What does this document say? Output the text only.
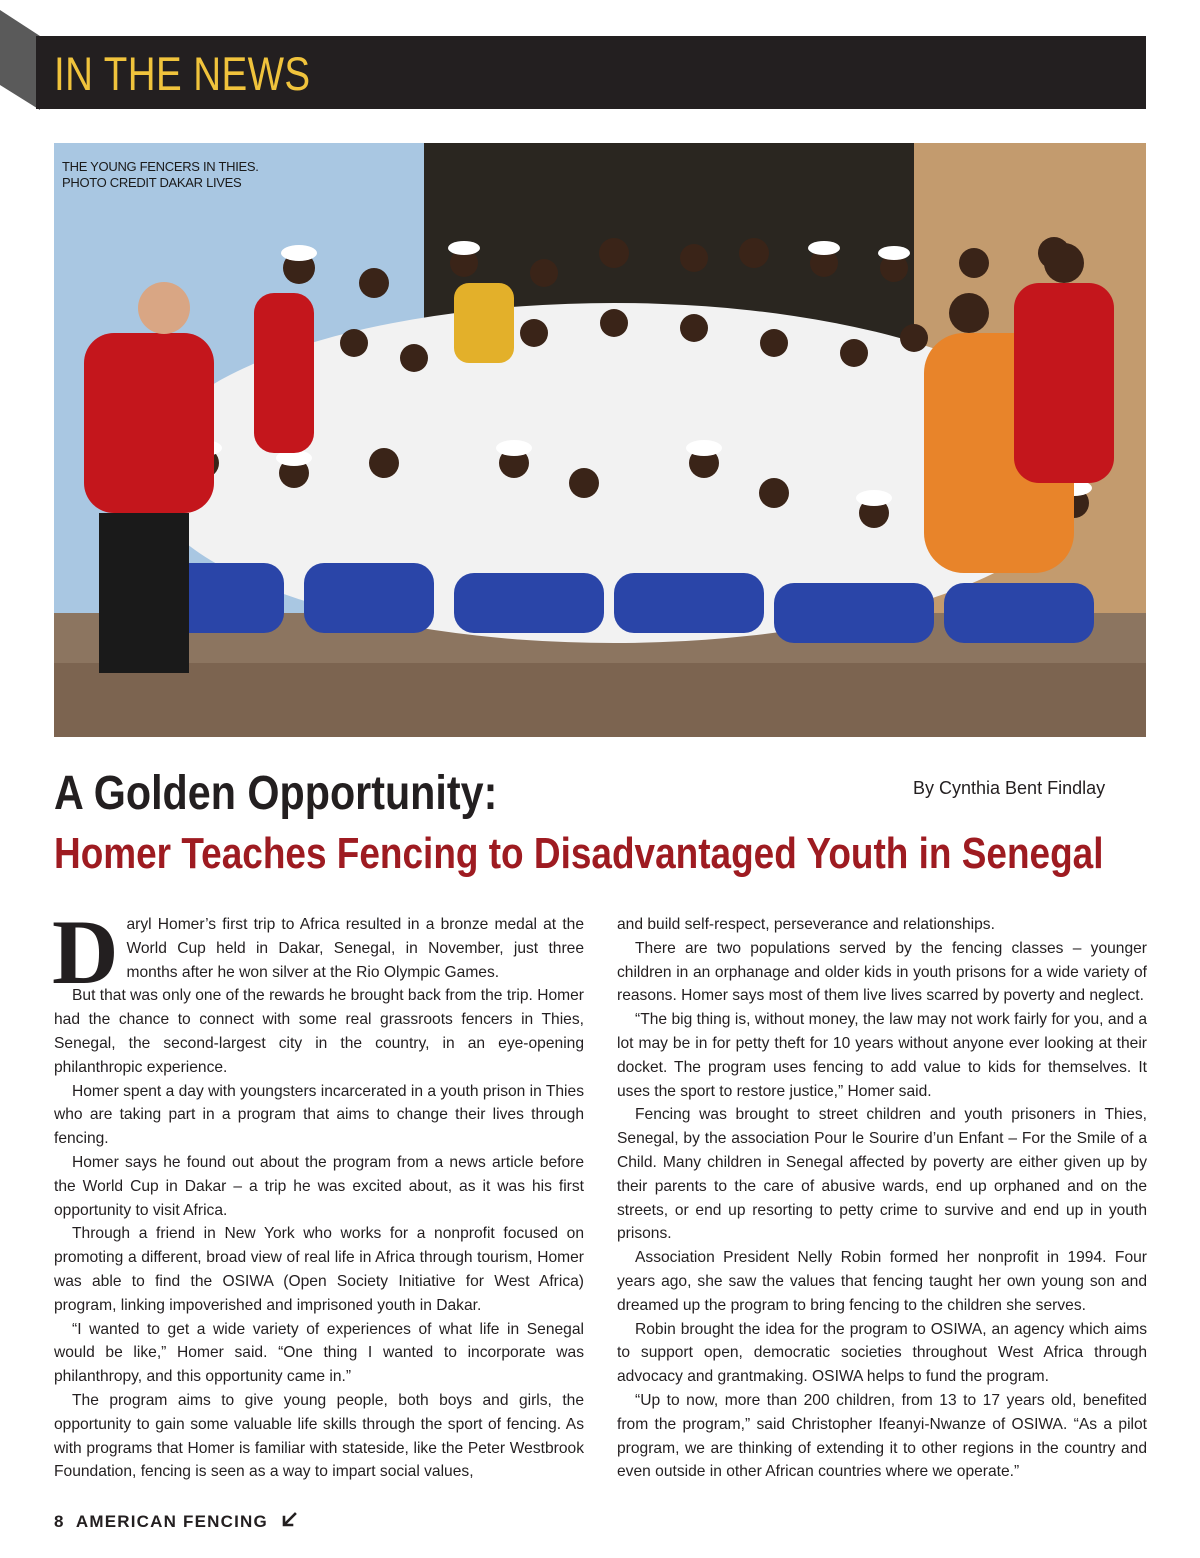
IN THE NEWS
THE YOUNG FENCERS IN THIES.
PHOTO CREDIT DAKAR LIVES
A Golden Opportunity:	By Cynthia Bent Findlay
Homer Teaches Fencing to Disadvantaged Youth in Senegal

Daryl Homer’s first trip to Africa resulted in a bronze medal at the World Cup held in Dakar, Senegal, in November, just three months after he won silver at the Rio Olympic Games.

But that was only one of the rewards he brought back from the trip. Homer had the chance to connect with some real grassroots fencers in Thies, Senegal, the second-largest city in the country, in an eye-opening philanthropic experience.

Homer spent a day with youngsters incarcerated in a youth prison in Thies who are taking part in a program that aims to change their lives through fencing.

Homer says he found out about the program from a news article before the World Cup in Dakar – a trip he was excited about, as it was his first opportunity to visit Africa.

Through a friend in New York who works for a nonprofit focused on promoting a different, broad view of real life in Africa through tourism, Homer was able to find the OSIWA (Open Society Initiative for West Africa) program, linking impoverished and imprisoned youth in Dakar.

“I wanted to get a wide variety of experiences of what life in Senegal would be like,” Homer said. “One thing I wanted to incorporate was philanthropy, and this opportunity came in.”

The program aims to give young people, both boys and girls, the opportunity to gain some valuable life skills through the sport of fencing. As with programs that Homer is familiar with stateside, like the Peter Westbrook Foundation, fencing is seen as a way to impart social values,

and build self-respect, perseverance and relationships.

There are two populations served by the fencing classes – younger children in an orphanage and older kids in youth prisons for a wide variety of reasons. Homer says most of them live lives scarred by poverty and neglect.

“The big thing is, without money, the law may not work fairly for you, and a lot may be in for petty theft for 10 years without anyone ever looking at their docket. The program uses fencing to add value to kids for themselves. It uses the sport to restore justice,” Homer said.

Fencing was brought to street children and youth prisoners in Thies, Senegal, by the association Pour le Sourire d’un Enfant – For the Smile of a Child. Many children in Senegal affected by poverty are either given up by their parents to the care of abusive wards, end up orphaned and on the streets, or end up resorting to petty crime to survive and end up in youth prisons.

Association President Nelly Robin formed her nonprofit in 1994. Four years ago, she saw the values that fencing taught her own young son and dreamed up the program to bring fencing to the children she serves.

Robin brought the idea for the program to OSIWA, an agency which aims to support open, democratic societies throughout West Africa through advocacy and grantmaking. OSIWA helps to fund the program.

“Up to now, more than 200 children, from 13 to 17 years old, benefited from the program,” said Christopher Ifeanyi-Nwanze of OSIWA. “As a pilot program, we are thinking of extending it to other regions in the country and even outside in other African countries where we operate.”

8 AMERICAN FENCING
